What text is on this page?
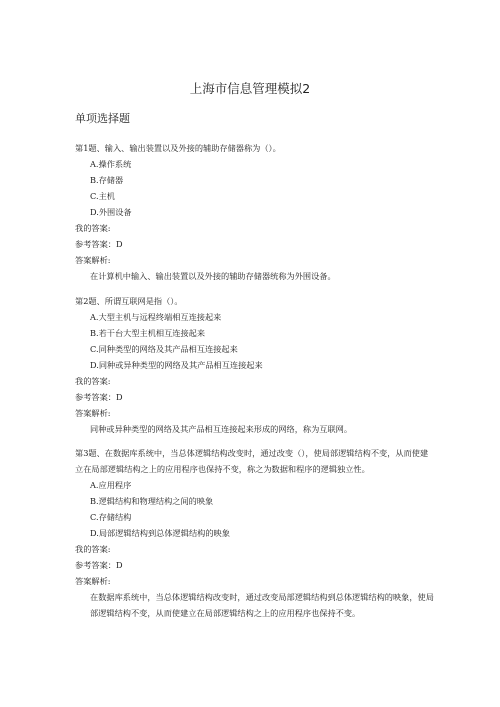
上海市信息管理模拟2
单项选择题
第1题、输入、输出装置以及外接的辅助存储器称为（）。
A.操作系统
B.存储器
C.主机
D.外围设备
我的答案:
参考答案：D
答案解析:
在计算机中输入、输出装置以及外接的辅助存储器统称为外围设备。
第2题、所谓互联网是指（）。
A.大型主机与远程终端相互连接起来
B.若干台大型主机相互连接起来
C.同种类型的网络及其产品相互连接起来
D.同种或异种类型的网络及其产品相互连接起来
我的答案:
参考答案：D
答案解析:
同种或异种类型的网络及其产品相互连接起来形成的网络，称为互联网。
第3题、在数据库系统中，当总体逻辑结构改变时，通过改变（），使局部逻辑结构不变，从而使建立在局部逻辑结构之上的应用程序也保持不变，称之为数据和程序的逻辑独立性。
A.应用程序
B.逻辑结构和物理结构之间的映象
C.存储结构
D.局部逻辑结构到总体逻辑结构的映象
我的答案:
参考答案：D
答案解析:
在数据库系统中，当总体逻辑结构改变时，通过改变局部逻辑结构到总体逻辑结构的映象，使局部逻辑结构不变，从而使建立在局部逻辑结构之上的应用程序也保持不变。
